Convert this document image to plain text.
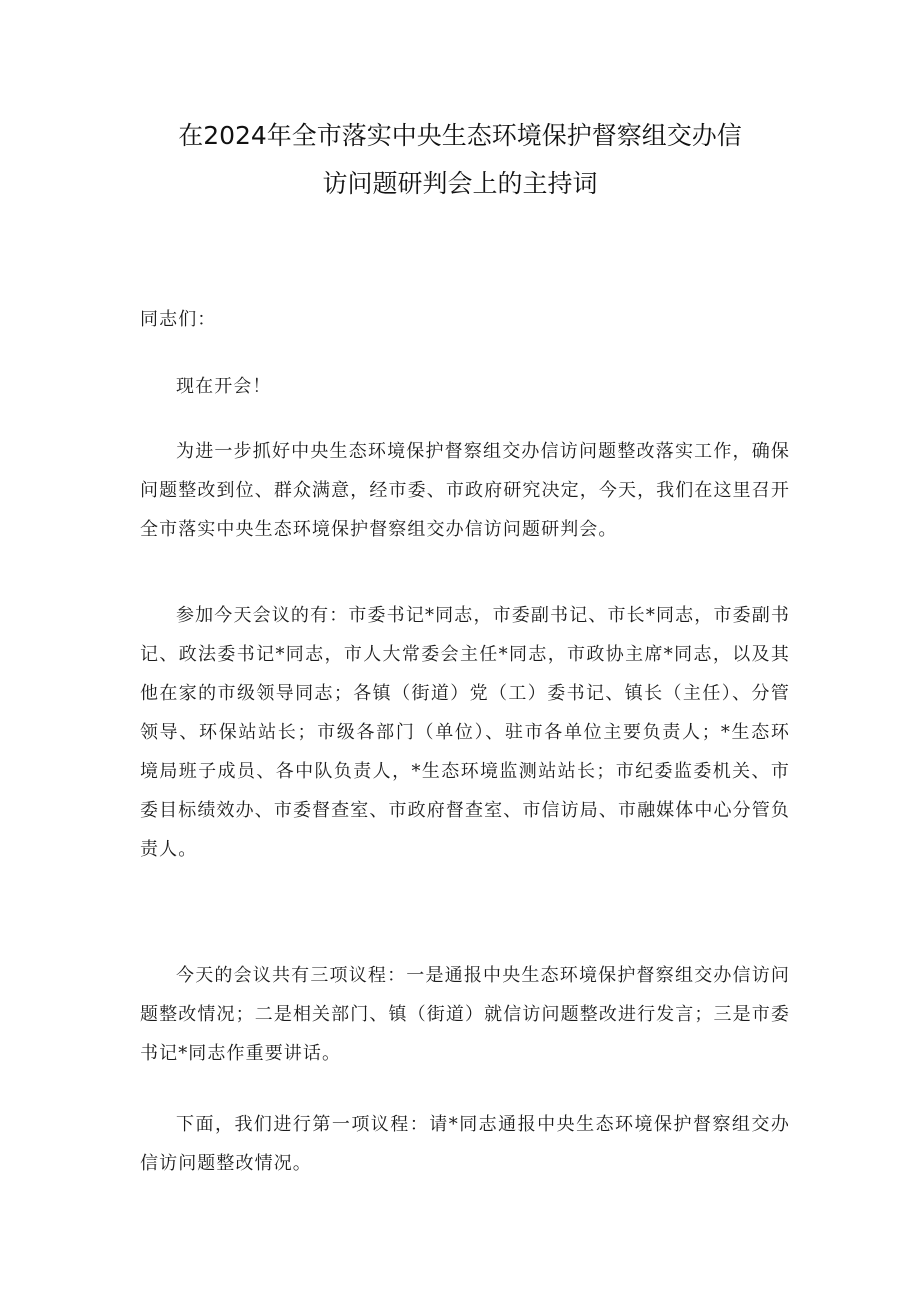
在2024年全市落实中央生态环境保护督察组交办信
访问题研判会上的主持词

同志们：

现在开会！

为进一步抓好中央生态环境保护督察组交办信访问题整改落实工作，确保问题整改到位、群众满意，经市委、市政府研究决定，今天，我们在这里召开全市落实中央生态环境保护督察组交办信访问题研判会。

参加今天会议的有：市委书记*同志，市委副书记、市长*同志，市委副书记、政法委书记*同志，市人大常委会主任*同志，市政协主席*同志，以及其他在家的市级领导同志；各镇（街道）党（工）委书记、镇长（主任）、分管领导、环保站站长；市级各部门（单位）、驻市各单位主要负责人；*生态环境局班子成员、各中队负责人，*生态环境监测站站长；市纪委监委机关、市委目标绩效办、市委督查室、市政府督查室、市信访局、市融媒体中心分管负责人。

今天的会议共有三项议程：一是通报中央生态环境保护督察组交办信访问题整改情况；二是相关部门、镇（街道）就信访问题整改进行发言；三是市委书记*同志作重要讲话。

下面，我们进行第一项议程：请*同志通报中央生态环境保护督察组交办信访问题整改情况。
